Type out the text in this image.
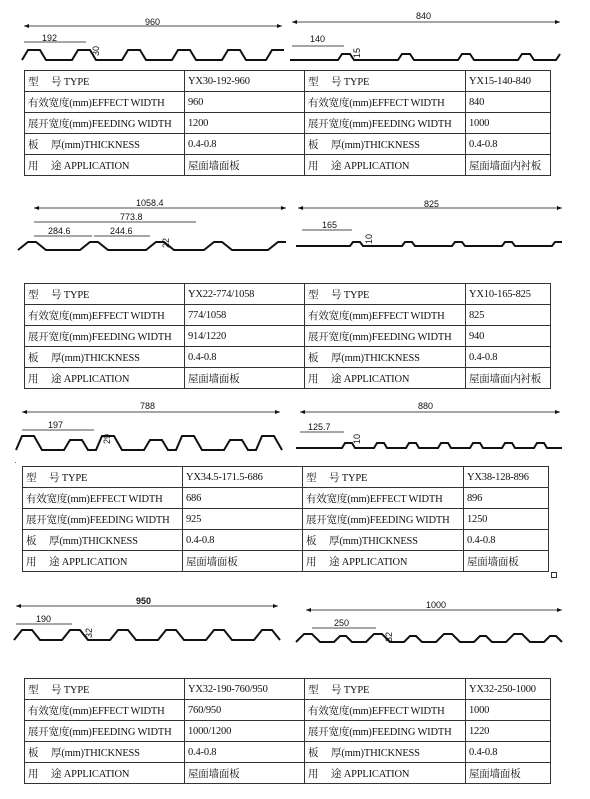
960
192
30
840
140
15
型　 号 TYPE	YX30-192-960	型　 号 TYPE	YX15-140-840
有效宽度(mm)EFFECT WIDTH	960	有效宽度(mm)EFFECT WIDTH	840
展开宽度(mm)FEEDING WIDTH	1200	展开宽度(mm)FEEDING WIDTH	1000
板　 厚(mm)THICKNESS	0.4-0.8	板　 厚(mm)THICKNESS	0.4-0.8
用　 途 APPLICATION	屋面墙面板	用　 途 APPLICATION	屋面墙面内衬板
1058.4
773.8
284.6	244.6
22
825
165
10
型　 号 TYPE	YX22-774/1058	型　 号 TYPE	YX10-165-825
有效宽度(mm)EFFECT WIDTH	774/1058	有效宽度(mm)EFFECT WIDTH	825
展开宽度(mm)FEEDING WIDTH	914/1220	展开宽度(mm)FEEDING WIDTH	940
板　 厚(mm)THICKNESS	0.4-0.8	板　 厚(mm)THICKNESS	0.4-0.8
用　 途 APPLICATION	屋面墙面板	用　 途 APPLICATION	屋面墙面内衬板
788
197
29
880
125.7
10
·
型　 号 TYPE	YX34.5-171.5-686	型　 号 TYPE	YX38-128-896
有效宽度(mm)EFFECT WIDTH	686	有效宽度(mm)EFFECT WIDTH	896
展开宽度(mm)FEEDING WIDTH	925	展开宽度(mm)FEEDING WIDTH	1250
板　 厚(mm)THICKNESS	0.4-0.8	板　 厚(mm)THICKNESS	0.4-0.8
用　 途 APPLICATION	屋面墙面板	用　 途 APPLICATION	屋面墙面板
950
190
32
1000
250
32
型　 号 TYPE	YX32-190-760/950	型　 号 TYPE	YX32-250-1000
有效宽度(mm)EFFECT WIDTH	760/950	有效宽度(mm)EFFECT WIDTH	1000
展开宽度(mm)FEEDING WIDTH	1000/1200	展开宽度(mm)FEEDING WIDTH	1220
板　 厚(mm)THICKNESS	0.4-0.8	板　 厚(mm)THICKNESS	0.4-0.8
用　 途 APPLICATION	屋面墙面板	用　 途 APPLICATION	屋面墙面板
